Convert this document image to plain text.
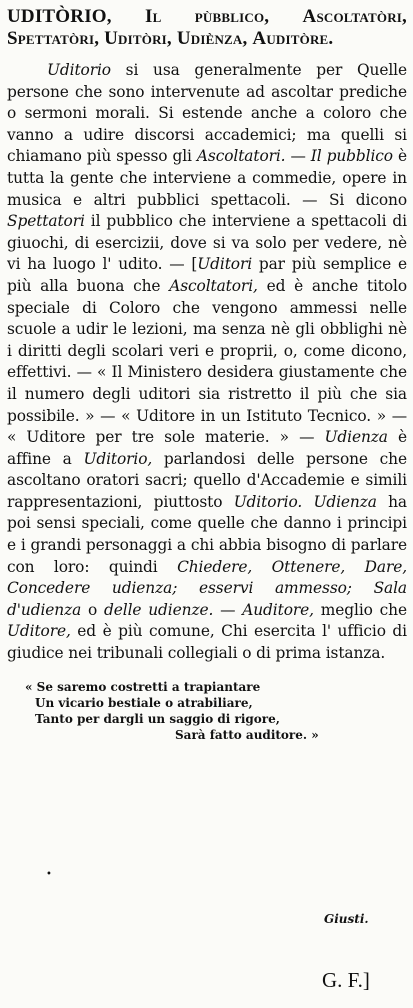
UDITÒRIO, Il pùbblico, Ascoltatòri, Spettatòri, Uditòri, Udiènza, Auditòre.

Uditorio si usa generalmente per Quelle persone che sono intervenute ad ascoltar prediche o sermoni morali. Si estende anche a coloro che vanno a udire discorsi accademici; ma quelli si chiamano più spesso gli Ascoltatori. — Il pubblico è tutta la gente che interviene a commedie, opere in musica e altri pubblici spettacoli. — Si dicono Spettatori il pubblico che interviene a spettacoli di giuochi, di esercizii, dove si va solo per vedere, nè vi ha luogo l' udito. — [Uditori par più semplice e più alla buona che Ascoltatori, ed è anche titolo speciale di Coloro che vengono ammessi nelle scuole a udir le lezioni, ma senza nè gli obblighi nè i diritti degli scolari veri e proprii, o, come dicono, effettivi. — « Il Ministero desidera giustamente che il numero degli uditori sia ristretto il più che sia possibile. » — « Uditore in un Istituto Tecnico. » — « Uditore per tre sole materie. » — Udienza è affine a Uditorio, parlandosi delle persone che ascoltano oratori sacri; quello d'Accademie e simili rappresentazioni, piuttosto Uditorio. Udienza ha poi sensi speciali, come quelle che danno i principi e i grandi personaggi a chi abbia bisogno di parlare con loro: quindi Chiedere, Ottenere, Dare, Concedere udienza; esservi ammesso; Sala d'udienza o delle udienze. — Auditore, meglio che Uditore, ed è più comune, Chi esercita l' ufficio di giudice nei tribunali collegiali o di prima istanza.

« Se saremo costretti a trapiantare
Un vicario bestiale o atrabiliare,
Tanto per dargli un saggio di rigore,
Sarà fatto auditore. »
•
Giusti.
G. F.]
